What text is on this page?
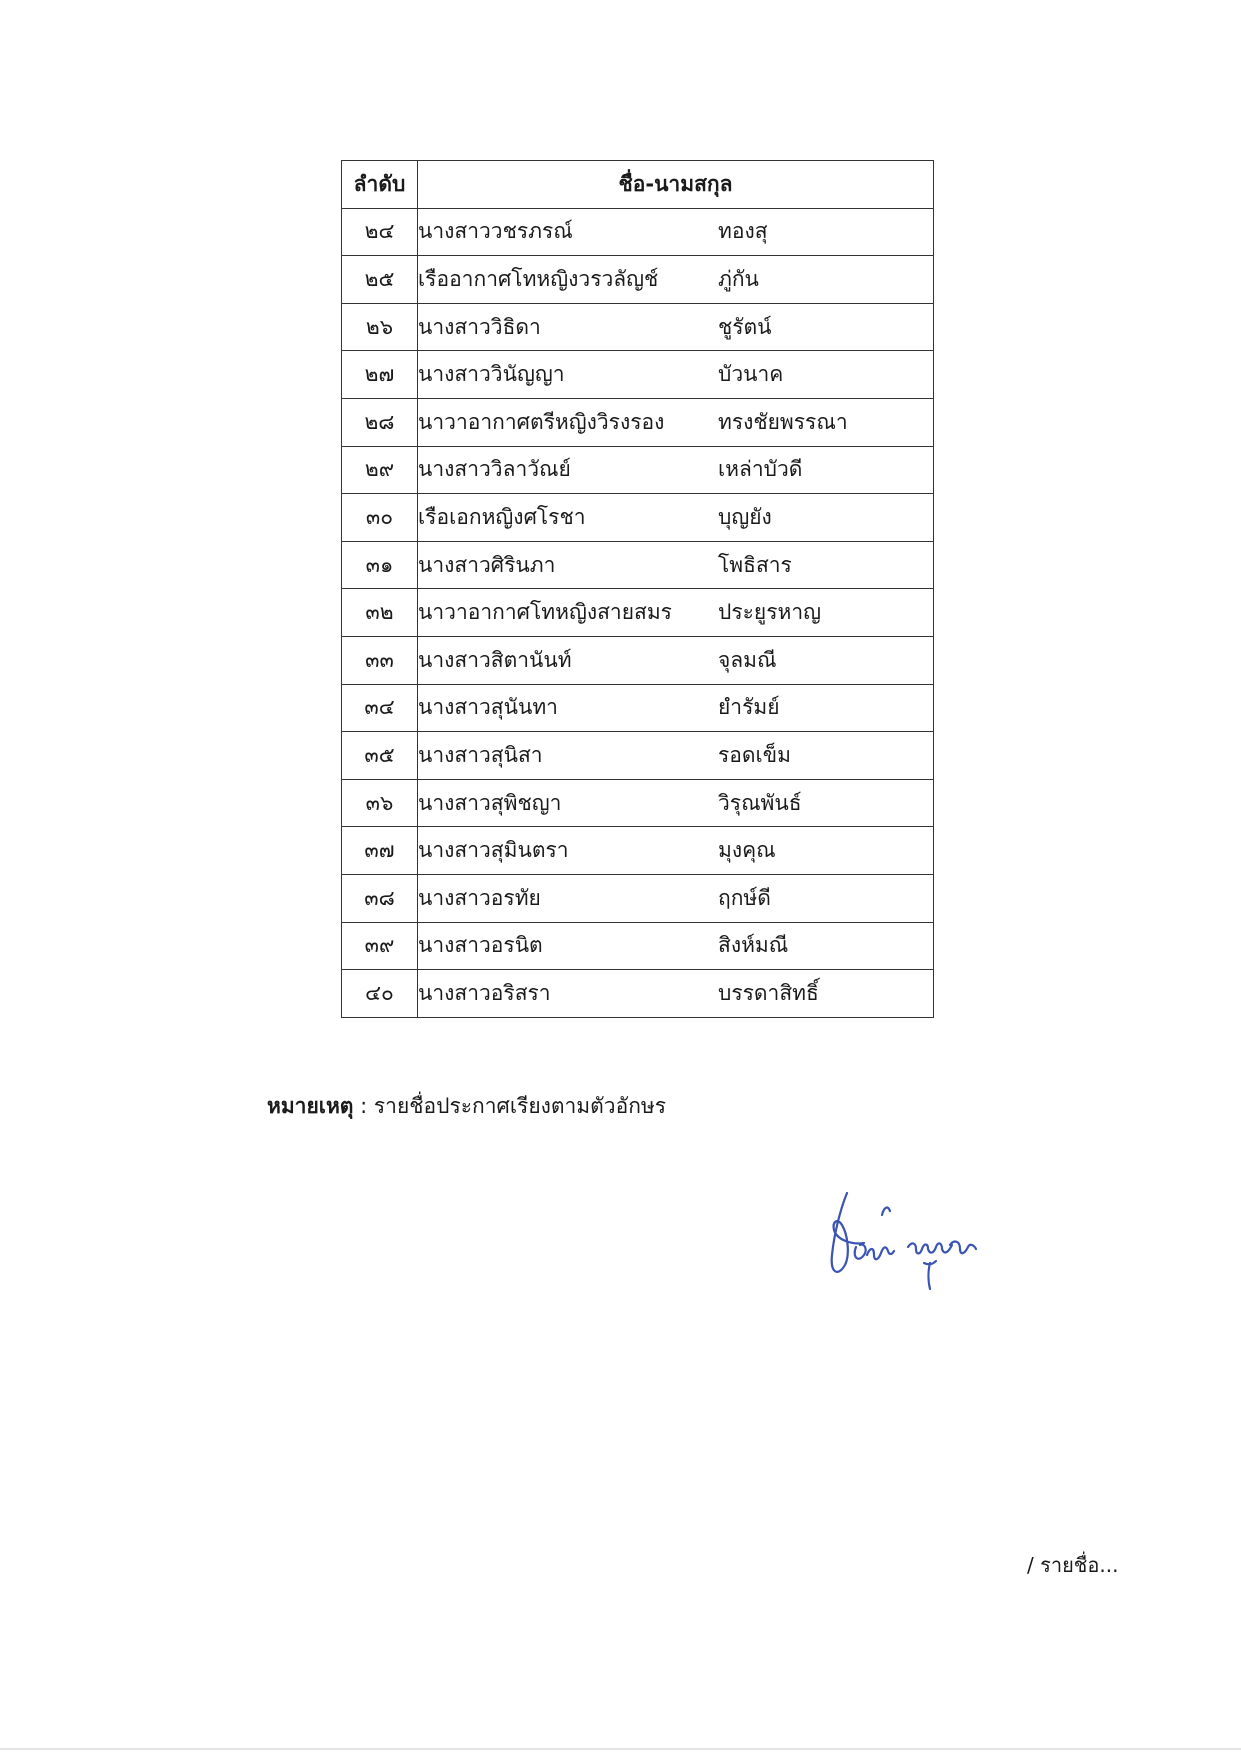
ลำดับ	ชื่อ-นามสกุล
๒๔	นางสาววชรภรณ์ ทองสุ
๒๕	เรืออากาศโทหญิงวรวลัญช์ ภู่กัน
๒๖	นางสาววิธิดา ชูรัตน์
๒๗	นางสาววินัญญา บัวนาค
๒๘	นาวาอากาศตรีหญิงวิรงรอง ทรงชัยพรรณา
๒๙	นางสาววิลาวัณย์ เหล่าบัวดี
๓๐	เรือเอกหญิงศโรชา บุญยัง
๓๑	นางสาวศิรินภา โพธิสาร
๓๒	นาวาอากาศโทหญิงสายสมร ประยูรหาญ
๓๓	นางสาวสิตานันท์ จุลมณี
๓๔	นางสาวสุนันทา ยำรัมย์
๓๕	นางสาวสุนิสา รอดเข็ม
๓๖	นางสาวสุพิชญา วิรุณพันธ์
๓๗	นางสาวสุมินตรา มุงคุณ
๓๘	นางสาวอรทัย ฤกษ์ดี
๓๙	นางสาวอรนิต สิงห์มณี
๔๐	นางสาวอริสรา บรรดาสิทธิ์
หมายเหตุ : รายชื่อประกาศเรียงตามตัวอักษร
/ รายชื่อ...
